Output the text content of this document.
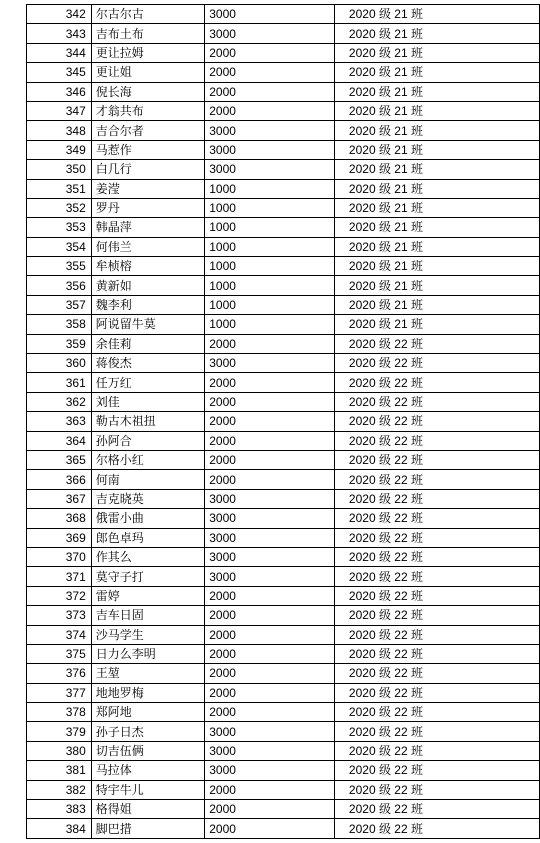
342	尔古尔古	3000	2020 级 21 班
343	吉布土布	3000	2020 级 21 班
344	更让拉姆	2000	2020 级 21 班
345	更让姐	2000	2020 级 21 班
346	倪长海	2000	2020 级 21 班
347	才翁共布	2000	2020 级 21 班
348	吉合尔者	3000	2020 级 21 班
349	马惹作	3000	2020 级 21 班
350	白几行	3000	2020 级 21 班
351	姜滢	1000	2020 级 21 班
352	罗丹	1000	2020 级 21 班
353	韩晶萍	1000	2020 级 21 班
354	何伟兰	1000	2020 级 21 班
355	牟桢榕	1000	2020 级 21 班
356	黄新如	1000	2020 级 21 班
357	魏李利	1000	2020 级 21 班
358	阿说留牛莫	1000	2020 级 21 班
359	余佳莉	2000	2020 级 22 班
360	蒋俊杰	3000	2020 级 22 班
361	任万红	2000	2020 级 22 班
362	刘佳	2000	2020 级 22 班
363	勒古木祖扭	2000	2020 级 22 班
364	孙阿合	2000	2020 级 22 班
365	尔格小红	2000	2020 级 22 班
366	何南	2000	2020 级 22 班
367	吉克晓英	3000	2020 级 22 班
368	俄雷小曲	3000	2020 级 22 班
369	郎色卓玛	3000	2020 级 22 班
370	作其么	3000	2020 级 22 班
371	莫守子打	3000	2020 级 22 班
372	雷婷	2000	2020 级 22 班
373	吉车日固	2000	2020 级 22 班
374	沙马学生	2000	2020 级 22 班
375	日力么李明	2000	2020 级 22 班
376	王堃	2000	2020 级 22 班
377	地地罗梅	2000	2020 级 22 班
378	郑阿地	2000	2020 级 22 班
379	孙子日杰	3000	2020 级 22 班
380	切吉伍俩	3000	2020 级 22 班
381	马拉体	3000	2020 级 22 班
382	特宇牛儿	2000	2020 级 22 班
383	格得姐	2000	2020 级 22 班
384	脚巴措	2000	2020 级 22 班
